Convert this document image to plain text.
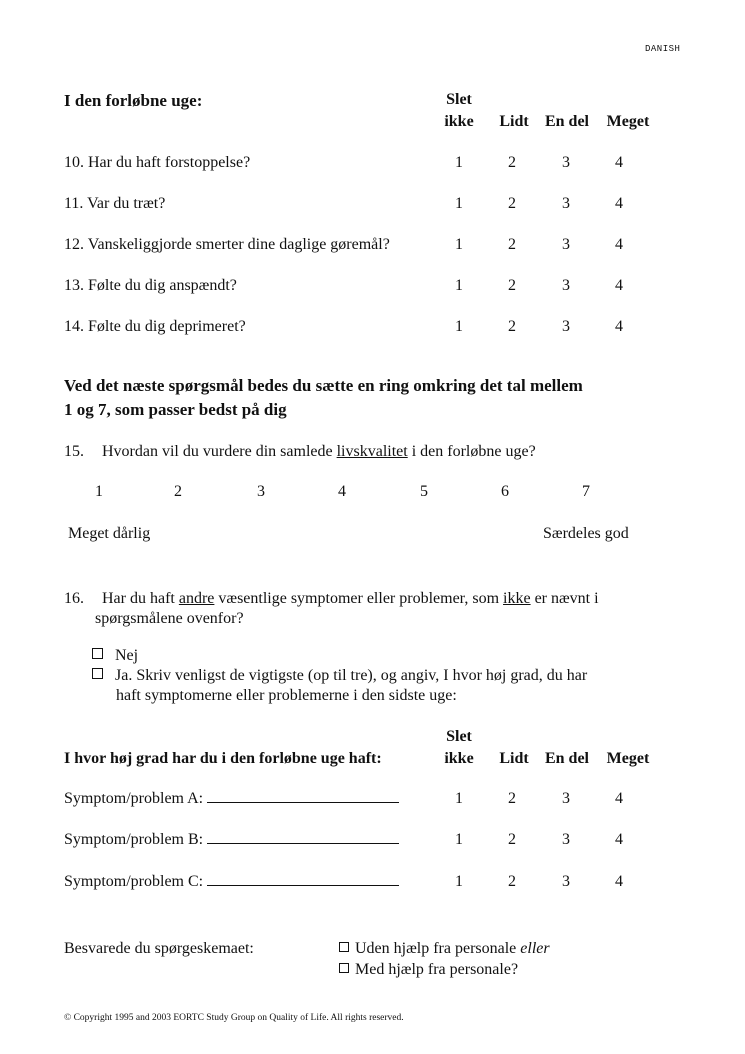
DANISH
I den forløbne uge:	Slet
ikke	Lidt	En del	Meget
10. Har du haft forstoppelse?	1	2	3	4
11. Var du træt?	1	2	3	4
12. Vanskeliggjorde smerter dine daglige gøremål?	1	2	3	4
13. Følte du dig anspændt?	1	2	3	4
14. Følte du dig deprimeret?	1	2	3	4
Ved det næste spørgsmål bedes du sætte en ring omkring det tal mellem
1 og 7, som passer bedst på dig
15. Hvordan vil du vurdere din samlede livskvalitet i den forløbne uge?
1	2	3	4	5	6	7
Meget dårlig	Særdeles god
16. Har du haft andre væsentlige symptomer eller problemer, som ikke er nævnt i
spørgsmålene ovenfor?
Nej
Ja. Skriv venligst de vigtigste (op til tre), og angiv, I hvor høj grad, du har
haft symptomerne eller problemerne i den sidste uge:
Slet
I hvor høj grad har du i den forløbne uge haft:	ikke	Lidt	En del	Meget
Symptom/problem A:	1	2	3	4
Symptom/problem B:	1	2	3	4
Symptom/problem C:	1	2	3	4
Besvarede du spørgeskemaet:	Uden hjælp fra personale eller
Med hjælp fra personale?
© Copyright 1995 and 2003 EORTC Study Group on Quality of Life. All rights reserved.
